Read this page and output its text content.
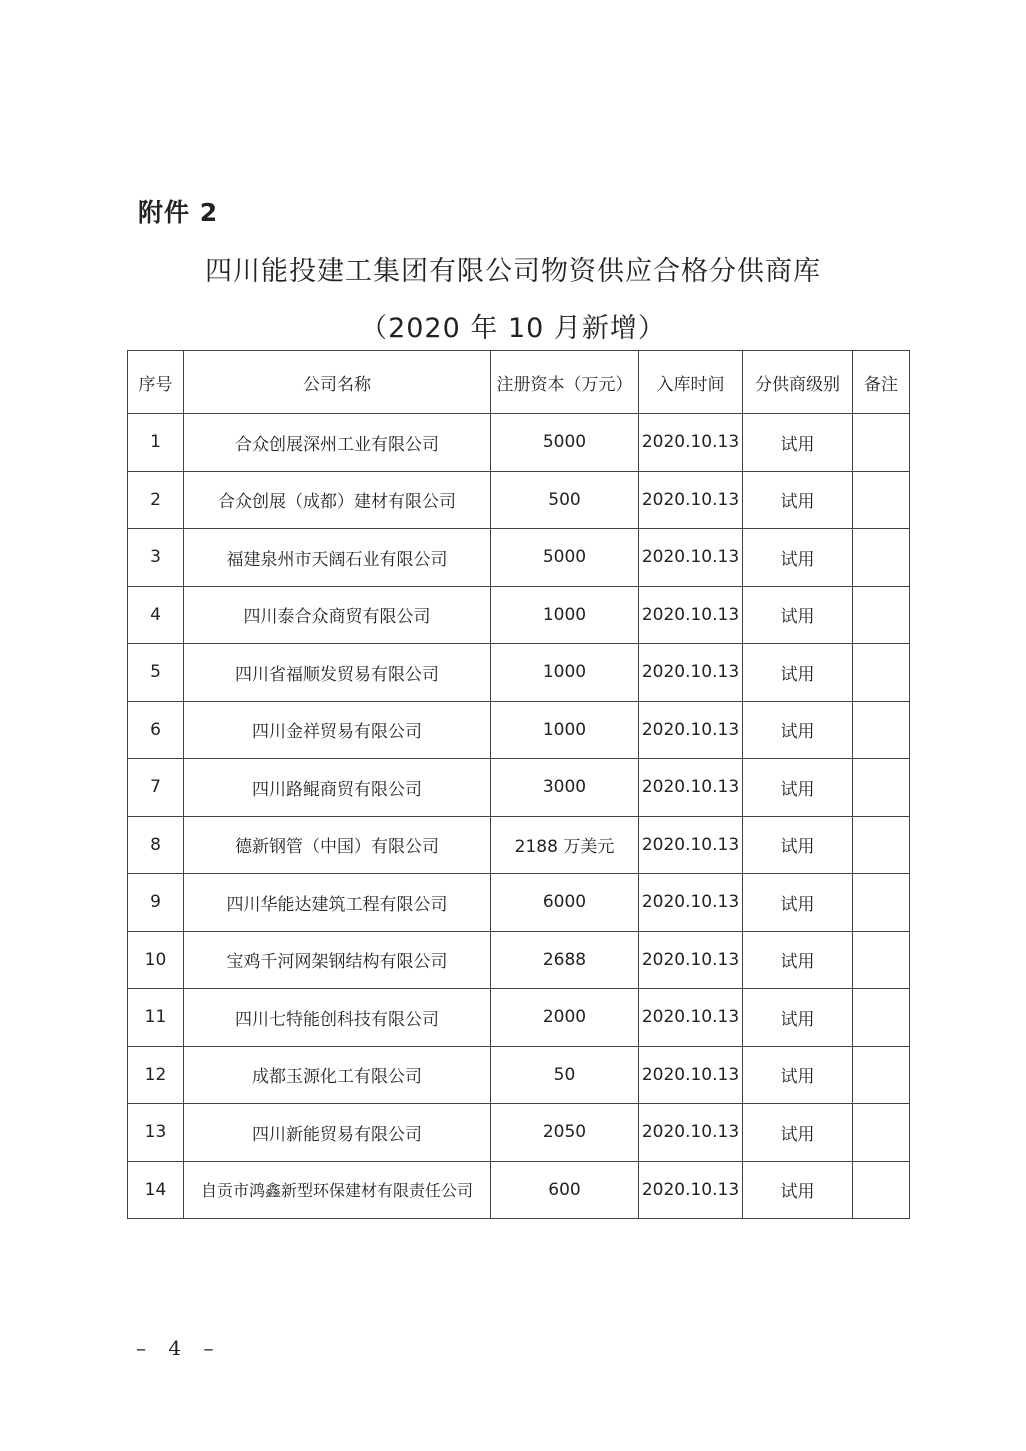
附件 2
四川能投建工集团有限公司物资供应合格分供商库
（2020 年 10 月新增）
序号	公司名称	注册资本（万元）	入库时间	分供商级别	备注
1	合众创展深州工业有限公司	5000	2020.10.13	试用	
2	合众创展（成都）建材有限公司	500	2020.10.13	试用	
3	福建泉州市天阔石业有限公司	5000	2020.10.13	试用	
4	四川泰合众商贸有限公司	1000	2020.10.13	试用	
5	四川省福顺发贸易有限公司	1000	2020.10.13	试用	
6	四川金祥贸易有限公司	1000	2020.10.13	试用	
7	四川路鲲商贸有限公司	3000	2020.10.13	试用	
8	德新钢管（中国）有限公司	2188 万美元	2020.10.13	试用	
9	四川华能达建筑工程有限公司	6000	2020.10.13	试用	
10	宝鸡千河网架钢结构有限公司	2688	2020.10.13	试用	
11	四川七特能创科技有限公司	2000	2020.10.13	试用	
12	成都玉源化工有限公司	50	2020.10.13	试用	
13	四川新能贸易有限公司	2050	2020.10.13	试用	
14	自贡市鸿鑫新型环保建材有限责任公司	600	2020.10.13	试用	
– 4 –
